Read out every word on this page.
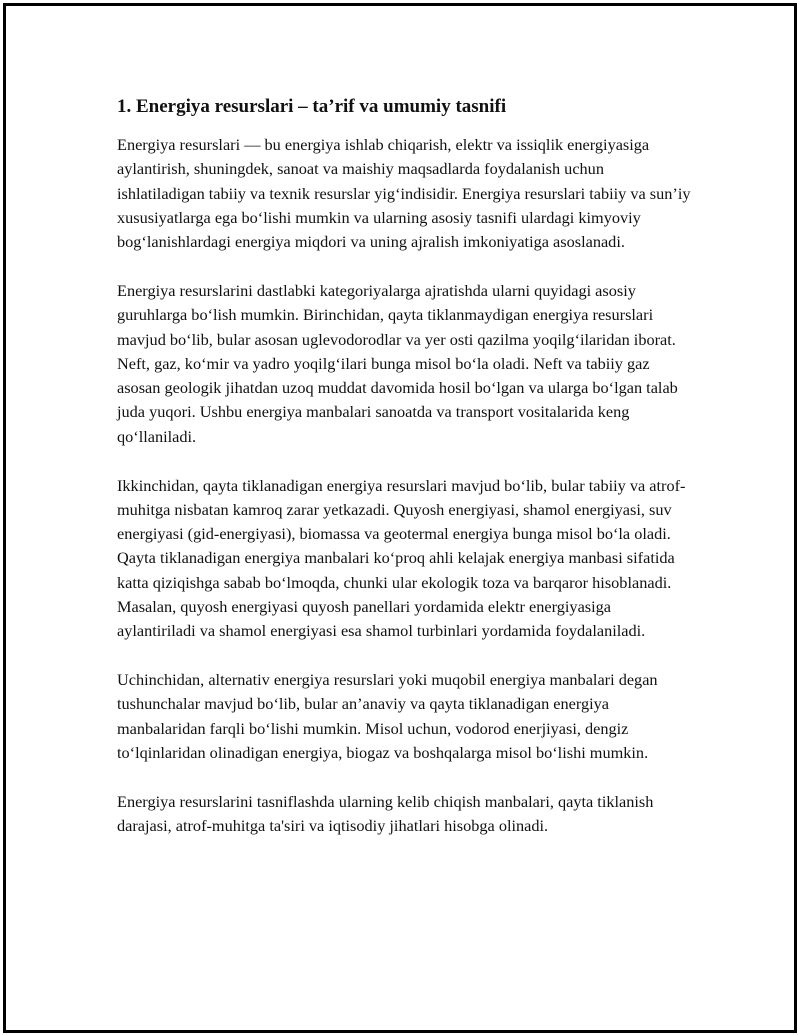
1. Energiya resurslari – ta’rif va umumiy tasnifi

Energiya resurslari — bu energiya ishlab chiqarish, elektr va issiqlik energiyasiga aylantirish, shuningdek, sanoat va maishiy maqsadlarda foydalanish uchun ishlatiladigan tabiiy va texnik resurslar yig‘indisidir. Energiya resurslari tabiiy va sun’iy xususiyatlarga ega bo‘lishi mumkin va ularning asosiy tasnifi ulardagi kimyoviy bog‘lanishlardagi energiya miqdori va uning ajralish imkoniyatiga asoslanadi.

Energiya resurslarini dastlabki kategoriyalarga ajratishda ularni quyidagi asosiy guruhlarga bo‘lish mumkin. Birinchidan, qayta tiklanmaydigan energiya resurslari mavjud bo‘lib, bular asosan uglevodorodlar va yer osti qazilma yoqilg‘ilaridan iborat. Neft, gaz, ko‘mir va yadro yoqilg‘ilari bunga misol bo‘la oladi. Neft va tabiiy gaz asosan geologik jihatdan uzoq muddat davomida hosil bo‘lgan va ularga bo‘lgan talab juda yuqori. Ushbu energiya manbalari sanoatda va transport vositalarida keng qo‘llaniladi.

Ikkinchidan, qayta tiklanadigan energiya resurslari mavjud bo‘lib, bular tabiiy va atrof-muhitga nisbatan kamroq zarar yetkazadi. Quyosh energiyasi, shamol energiyasi, suv energiyasi (gid-energiyasi), biomassa va geotermal energiya bunga misol bo‘la oladi. Qayta tiklanadigan energiya manbalari ko‘proq ahli kelajak energiya manbasi sifatida katta qiziqishga sabab bo‘lmoqda, chunki ular ekologik toza va barqaror hisoblanadi. Masalan, quyosh energiyasi quyosh panellari yordamida elektr energiyasiga aylantiriladi va shamol energiyasi esa shamol turbinlari yordamida foydalaniladi.

Uchinchidan, alternativ energiya resurslari yoki muqobil energiya manbalari degan tushunchalar mavjud bo‘lib, bular an’anaviy va qayta tiklanadigan energiya manbalaridan farqli bo‘lishi mumkin. Misol uchun, vodorod enerjiyasi, dengiz to‘lqinlaridan olinadigan energiya, biogaz va boshqalarga misol bo‘lishi mumkin.

Energiya resurslarini tasniflashda ularning kelib chiqish manbalari, qayta tiklanish darajasi, atrof-muhitga ta'siri va iqtisodiy jihatlari hisobga olinadi.
